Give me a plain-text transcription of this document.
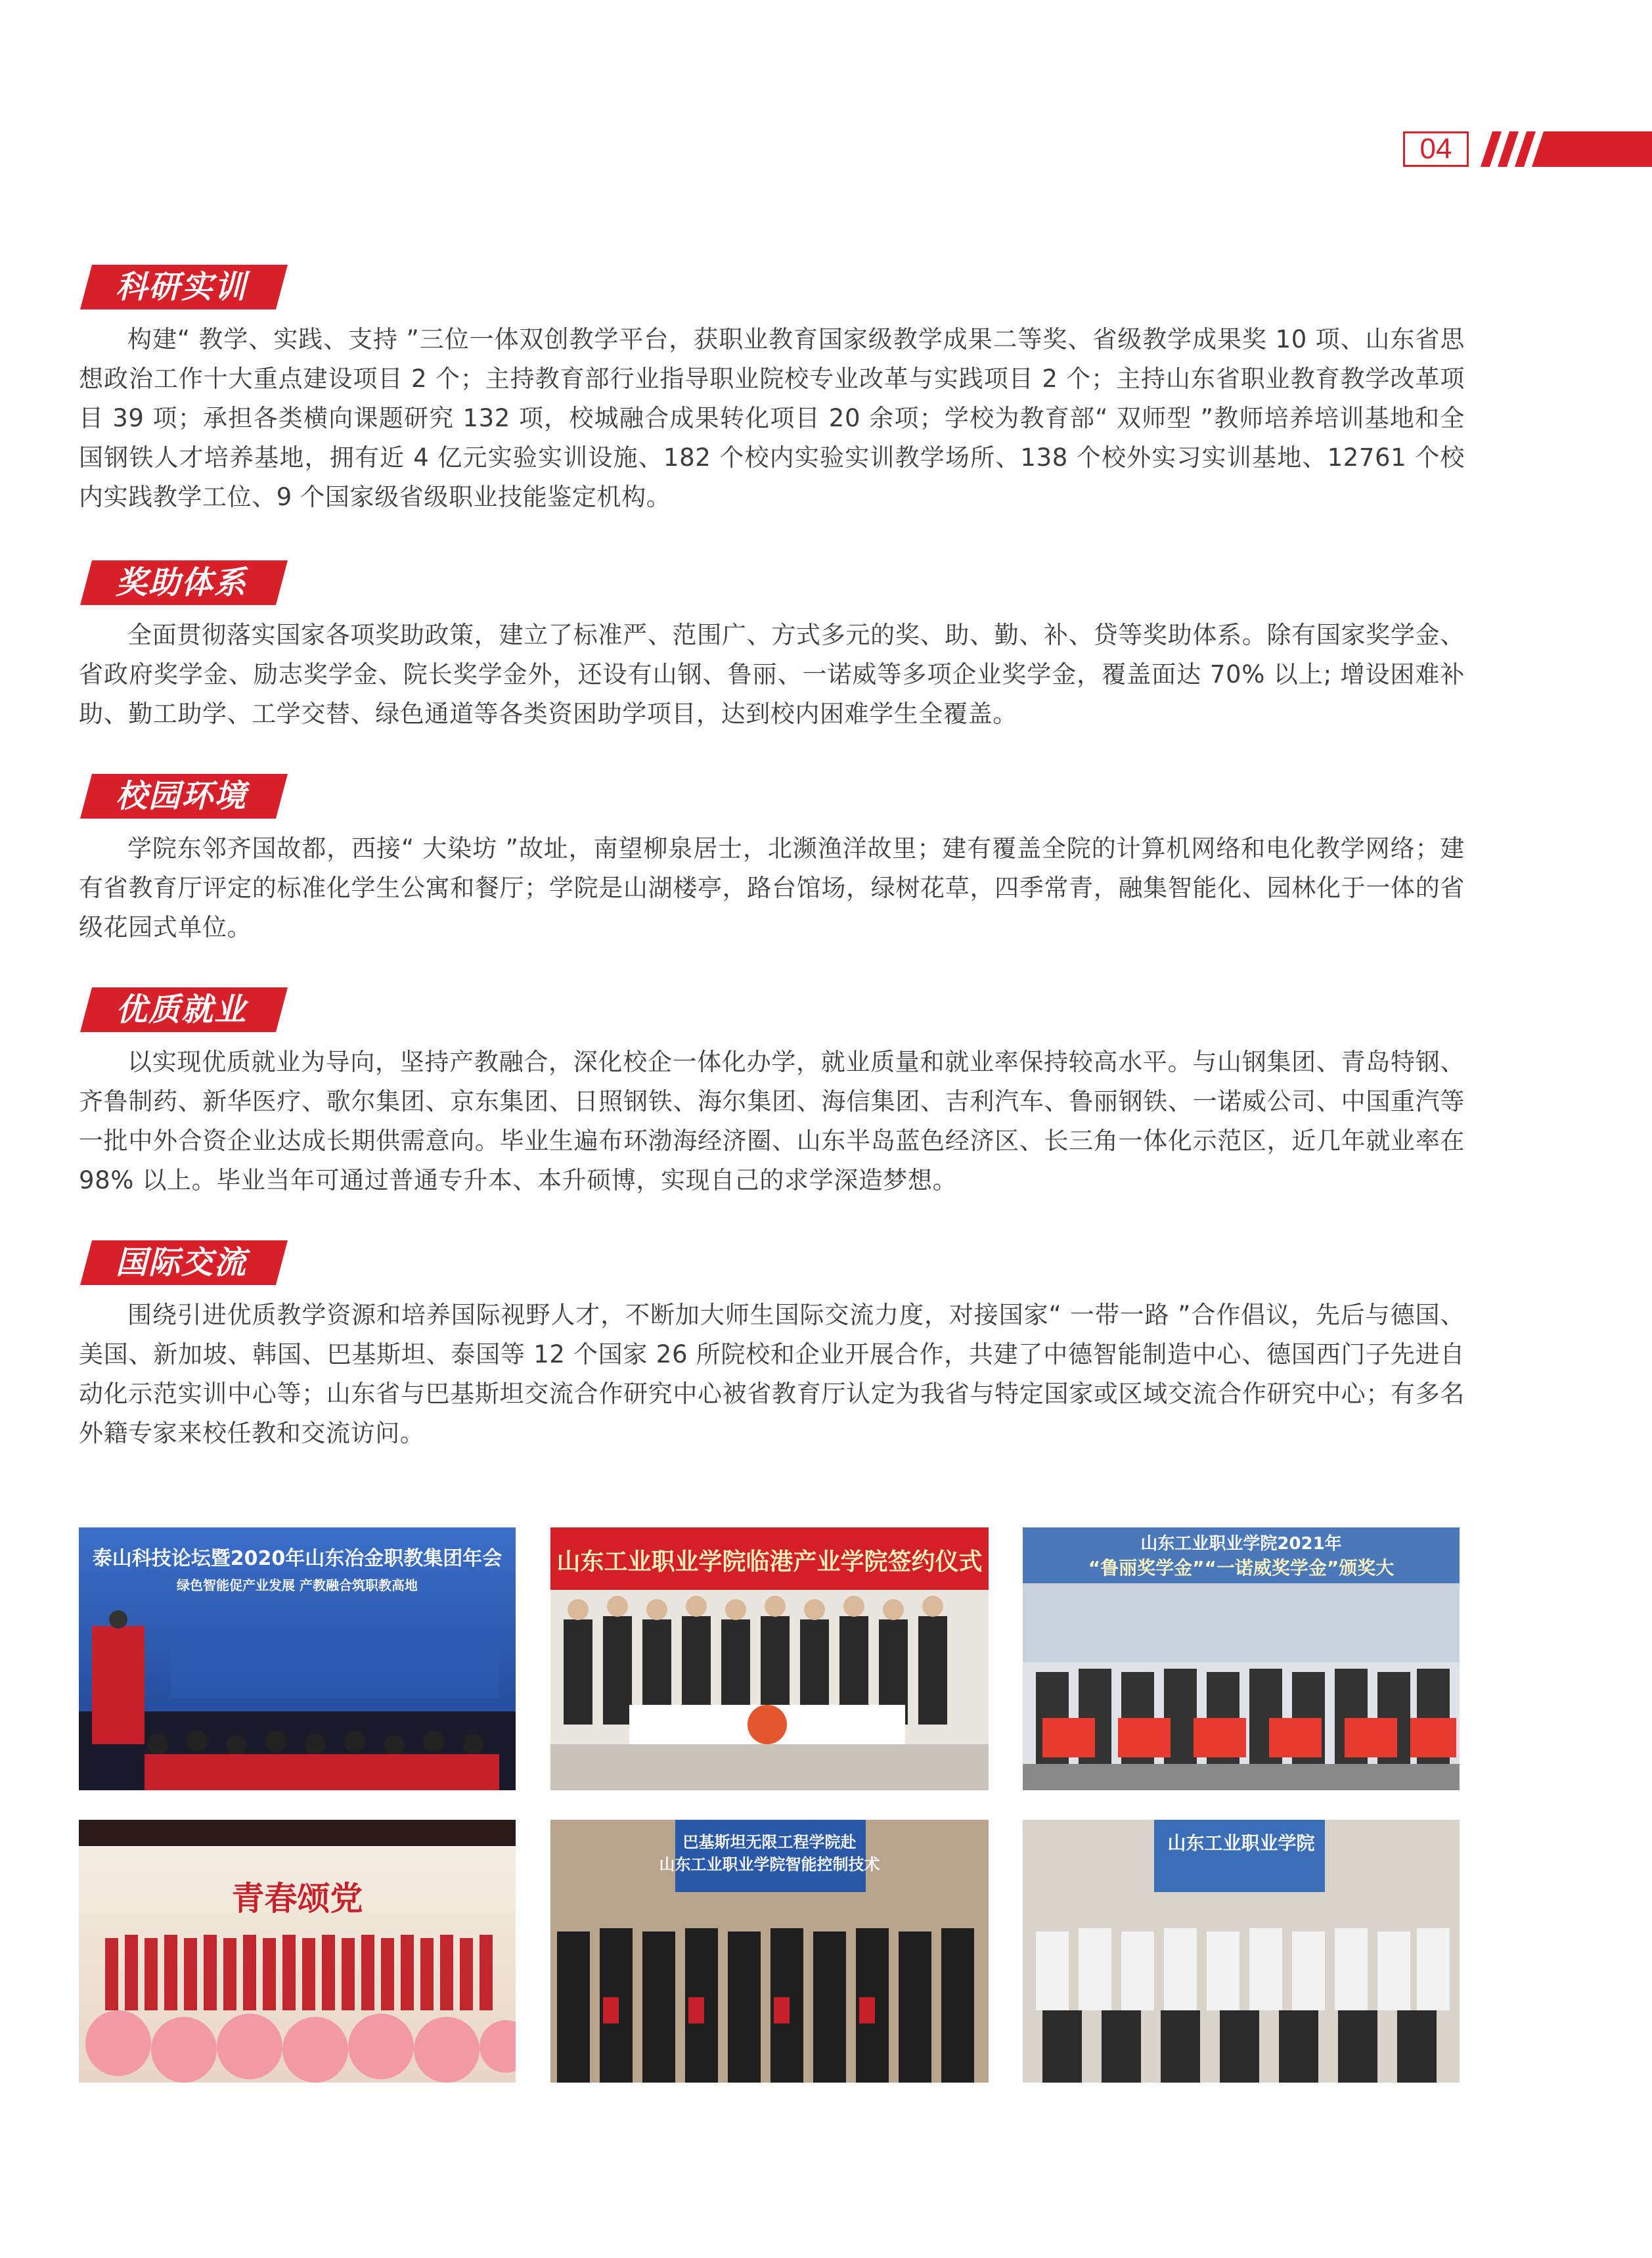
04
科研实训

构建“ 教学、实践、支持 ”三位一体双创教学平台，获职业教育国家级教学成果二等奖、省级教学成果奖 10 项、山东省思想政治工作十大重点建设项目 2 个；主持教育部行业指导职业院校专业改革与实践项目 2 个；主持山东省职业教育教学改革项目 39 项；承担各类横向课题研究 132 项，校城融合成果转化项目 20 余项；学校为教育部“ 双师型 ”教师培养培训基地和全国钢铁人才培养基地，拥有近 4 亿元实验实训设施、182 个校内实验实训教学场所、138 个校外实习实训基地、12761 个校内实践教学工位、9 个国家级省级职业技能鉴定机构。

奖助体系

全面贯彻落实国家各项奖助政策，建立了标准严、范围广、方式多元的奖、助、勤、补、贷等奖助体系。除有国家奖学金、省政府奖学金、励志奖学金、院长奖学金外，还设有山钢、鲁丽、一诺威等多项企业奖学金，覆盖面达 70% 以上; 增设困难补助、勤工助学、工学交替、绿色通道等各类资困助学项目，达到校内困难学生全覆盖。

校园环境

学院东邻齐国故都，西接“ 大染坊 ”故址，南望柳泉居士，北濒渔洋故里；建有覆盖全院的计算机网络和电化教学网络；建有省教育厅评定的标准化学生公寓和餐厅；学院是山湖楼亭，路台馆场，绿树花草，四季常青，融集智能化、园林化于一体的省级花园式单位。

优质就业

以实现优质就业为导向，坚持产教融合，深化校企一体化办学，就业质量和就业率保持较高水平。与山钢集团、青岛特钢、齐鲁制药、新华医疗、歌尔集团、京东集团、日照钢铁、海尔集团、海信集团、吉利汽车、鲁丽钢铁、一诺威公司、中国重汽等一批中外合资企业达成长期供需意向。毕业生遍布环渤海经济圈、山东半岛蓝色经济区、长三角一体化示范区，近几年就业率在 98% 以上。毕业当年可通过普通专升本、本升硕博，实现自己的求学深造梦想。

国际交流

围绕引进优质教学资源和培养国际视野人才，不断加大师生国际交流力度，对接国家“ 一带一路 ”合作倡议，先后与德国、美国、新加坡、韩国、巴基斯坦、泰国等 12 个国家 26 所院校和企业开展合作，共建了中德智能制造中心、德国西门子先进自动化示范实训中心等；山东省与巴基斯坦交流合作研究中心被省教育厅认定为我省与特定国家或区域交流合作研究中心；有多名外籍专家来校任教和交流访问。

泰山科技论坛暨2020年山东冶金职教集团年会
绿色智能促产业发展 产教融合筑职教高地
山东工业职业学院临港产业学院签约仪式
山东工业职业学院2021年
“鲁丽奖学金”“一诺威奖学金”颁奖大
青春颂党
巴基斯坦无限工程学院赴
山东工业职业学院智能控制技术
山东工业职业学院
